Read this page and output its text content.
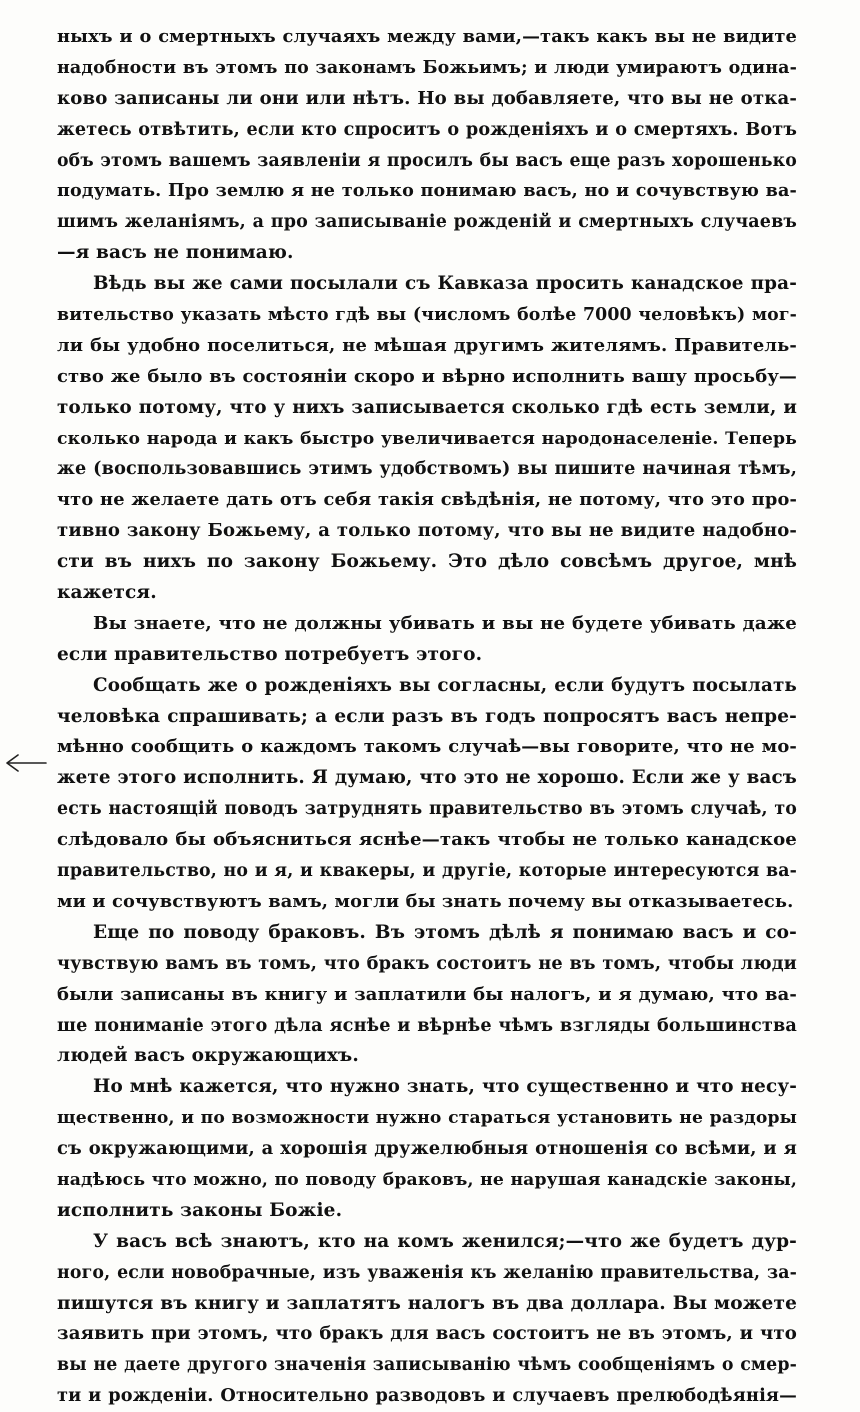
ныхъ и о смертныхъ случаяхъ между вами,—такъ какъ вы не видите
надобности въ этомъ по законамъ Божьимъ; и люди умираютъ одина-
ково записаны ли они или нѣтъ. Но вы добавляете, что вы не отка-
жетесь отвѣтить, если кто спроситъ о рожденіяхъ и о смертяхъ. Вотъ
объ этомъ вашемъ заявленіи я просилъ бы васъ еще разъ хорошенько
подумать. Про землю я не только понимаю васъ, но и сочувствую ва-
шимъ желаніямъ, а про записываніе рожденій и смертныхъ случаевъ
—я васъ не понимаю.
Вѣдь вы же сами посылали съ Кавказа просить канадское пра-
вительство указать мѣсто гдѣ вы (числомъ болѣе 7000 человѣкъ) мог-
ли бы удобно поселиться, не мѣшая другимъ жителямъ. Правитель-
ство же было въ состояніи скоро и вѣрно исполнить вашу просьбу—
только потому, что у нихъ записывается сколько гдѣ есть земли, и
сколько народа и какъ быстро увеличивается народонаселеніе. Теперь
же (воспользовавшись этимъ удобствомъ) вы пишите начиная тѣмъ,
что не желаете дать отъ себя такія свѣдѣнія, не потому, что это про-
тивно закону Божьему, а только потому, что вы не видите надобно-
сти въ нихъ по закону Божьему. Это дѣло совсѣмъ другое, мнѣ
кажется.
Вы знаете, что не должны убивать и вы не будете убивать даже
если правительство потребуетъ этого.
Сообщать же о рожденіяхъ вы согласны, если будутъ посылать
человѣка спрашивать; а если разъ въ годъ попросятъ васъ непре-
мѣнно сообщить о каждомъ такомъ случаѣ—вы говорите, что не мо-
жете этого исполнить. Я думаю, что это не хорошо. Если же у васъ
есть настоящій поводъ затруднять правительство въ этомъ случаѣ, то
слѣдовало бы объясниться яснѣе—такъ чтобы не только канадское
правительство, но и я, и квакеры, и другіе, которые интересуются ва-
ми и сочувствуютъ вамъ, могли бы знать почему вы отказываетесь.
Еще по поводу браковъ. Въ этомъ дѣлѣ я понимаю васъ и со-
чувствую вамъ въ томъ, что бракъ состоитъ не въ томъ, чтобы люди
были записаны въ книгу и заплатили бы налогъ, и я думаю, что ва-
ше пониманіе этого дѣла яснѣе и вѣрнѣе чѣмъ взгляды большинства
людей васъ окружающихъ.
Но мнѣ кажется, что нужно знать, что существенно и что несу-
щественно, и по возможности нужно стараться установить не раздоры
съ окружающими, а хорошія дружелюбныя отношенія со всѣми, и я
надѣюсь что можно, по поводу браковъ, не нарушая канадскіе законы,
исполнить законы Божіе.
У васъ всѣ знаютъ, кто на комъ женился;—что же будетъ дур-
ного, если новобрачные, изъ уваженія къ желанію правительства, за-
пишутся въ книгу и заплатятъ налогъ въ два доллара. Вы можете
заявить при этомъ, что бракъ для васъ состоитъ не въ этомъ, и что
вы не даете другого значенія записыванію чѣмъ сообщеніямъ о смер-
ти и рожденіи. Относительно разводовъ и случаевъ прелюбодѣянія—
